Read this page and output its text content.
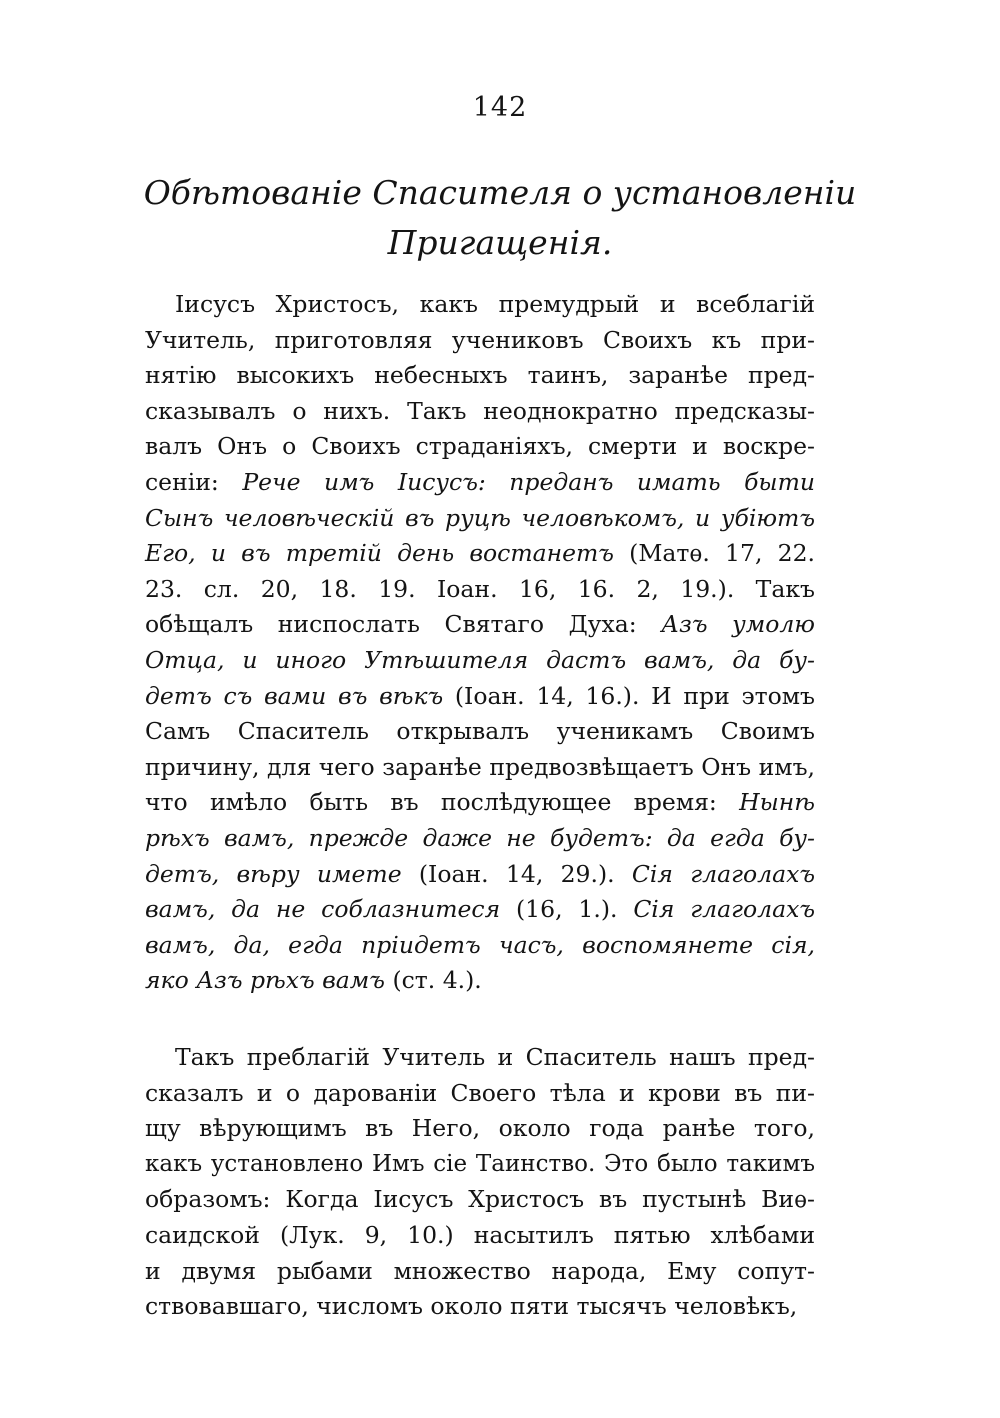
142
Обѣтованіе Спасителя о установленіи
Пригащенія.
Іисусъ Христосъ, какъ премудрый и всеблагій
Учитель, приготовляя учениковъ Своихъ къ при-
нятію высокихъ небесныхъ таинъ, заранѣе пред-
сказывалъ о нихъ. Такъ неоднократно предсказы-
валъ Онъ о Своихъ страданіяхъ, смерти и воскре-
сеніи: Рече имъ Іисусъ: преданъ имать быти
Сынъ человѣческій въ руцѣ человѣкомъ, и убіютъ
Его, и въ третій день востанетъ (Матѳ. 17, 22.
23. сл. 20, 18. 19. Іоан. 16, 16. 2, 19.). Такъ
обѣщалъ ниспослать Святаго Духа: Азъ умолю
Отца, и иного Утѣшителя дастъ вамъ, да бу-
детъ съ вами въ вѣкъ (Іоан. 14, 16.). И при этомъ
Самъ Спаситель открывалъ ученикамъ Своимъ
причину, для чего заранѣе предвозвѣщаетъ Онъ имъ,
что имѣло быть въ послѣдующее время: Нынѣ
рѣхъ вамъ, прежде даже не будетъ: да егда бу-
детъ, вѣру имете (Іоан. 14, 29.). Сія глаголахъ
вамъ, да не соблазнитеся (16, 1.). Сія глаголахъ
вамъ, да, егда пріидетъ часъ, воспомянете сія,
яко Азъ рѣхъ вамъ (ст. 4.).
Такъ преблагій Учитель и Спаситель нашъ пред-
сказалъ и о дарованіи Своего тѣла и крови въ пи-
щу вѣрующимъ въ Него, около года ранѣе того,
какъ установлено Имъ сіе Таинство. Это было такимъ
образомъ: Когда Іисусъ Христосъ въ пустынѣ Виѳ-
саидской (Лук. 9, 10.) насытилъ пятью хлѣбами
и двумя рыбами множество народа, Ему сопут-
ствовавшаго, числомъ около пяти тысячъ человѣкъ,
